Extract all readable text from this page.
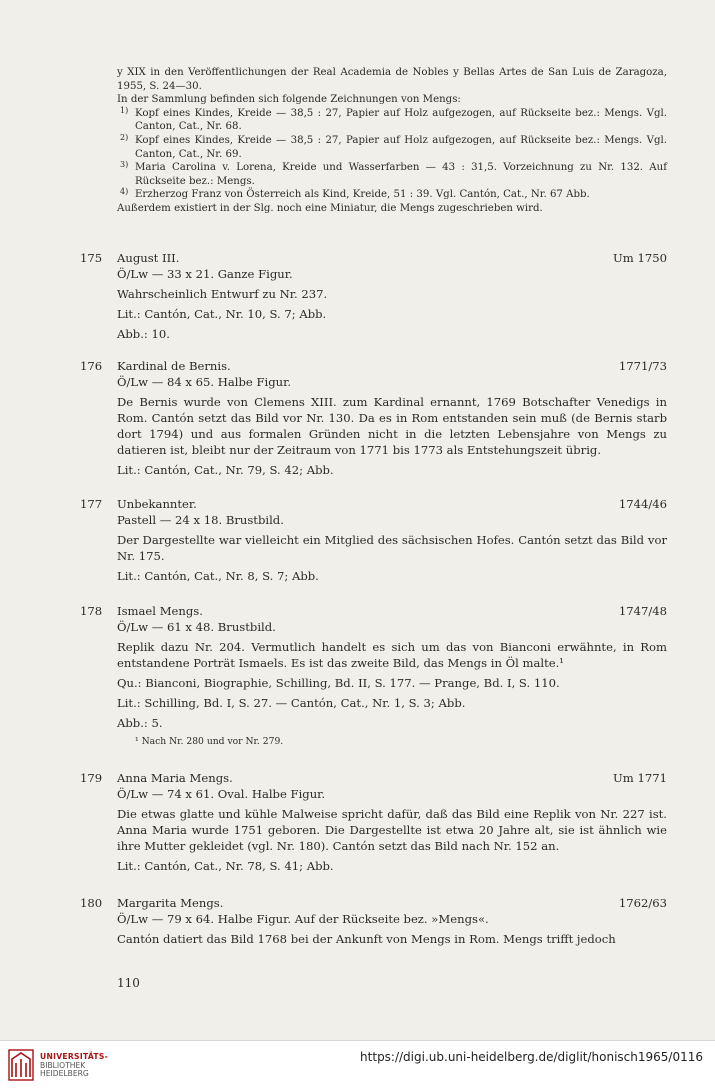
y XIX in den Veröffentlichungen der Real Academia de Nobles y Bellas Artes de San Luis de Zaragoza, 1955, S. 24—30.

In der Sammlung befinden sich folgende Zeichnungen von Mengs:

1) Kopf eines Kindes, Kreide — 38,5 : 27, Papier auf Holz aufgezogen, auf Rückseite bez.: Mengs. Vgl. Canton, Cat., Nr. 68.

2) Kopf eines Kindes, Kreide — 38,5 : 27, Papier auf Holz aufgezogen, auf Rückseite bez.: Mengs. Vgl. Canton, Cat., Nr. 69.

3) Maria Carolina v. Lorena, Kreide und Wasserfarben — 43 : 31,5. Vorzeichnung zu Nr. 132. Auf Rückseite bez.: Mengs.

4) Erzherzog Franz von Österreich als Kind, Kreide, 51 : 39. Vgl. Cantón, Cat., Nr. 67 Abb.

Außerdem existiert in der Slg. noch eine Miniatur, die Mengs zugeschrieben wird.

175	August III.	Um 1750

Ö/Lw — 33 x 21. Ganze Figur.

Wahrscheinlich Entwurf zu Nr. 237.

Lit.: Cantón, Cat., Nr. 10, S. 7; Abb.

Abb.: 10.

176	Kardinal de Bernis.	1771/73

Ö/Lw — 84 x 65. Halbe Figur.

De Bernis wurde von Clemens XIII. zum Kardinal ernannt, 1769 Botschafter Venedigs in Rom. Cantón setzt das Bild vor Nr. 130. Da es in Rom entstanden sein muß (de Bernis starb dort 1794) und aus formalen Gründen nicht in die letzten Lebensjahre von Mengs zu datieren ist, bleibt nur der Zeitraum von 1771 bis 1773 als Entstehungszeit übrig.

Lit.: Cantón, Cat., Nr. 79, S. 42; Abb.

177	Unbekannter.	1744/46

Pastell — 24 x 18. Brustbild.

Der Dargestellte war vielleicht ein Mitglied des sächsischen Hofes. Cantón setzt das Bild vor Nr. 175.

Lit.: Cantón, Cat., Nr. 8, S. 7; Abb.

178	Ismael Mengs.	1747/48

Ö/Lw — 61 x 48. Brustbild.

Replik dazu Nr. 204. Vermutlich handelt es sich um das von Bianconi erwähnte, in Rom entstandene Porträt Ismaels. Es ist das zweite Bild, das Mengs in Öl malte.¹

Qu.: Bianconi, Biographie, Schilling, Bd. II, S. 177. — Prange, Bd. I, S. 110.

Lit.: Schilling, Bd. I, S. 27. — Cantón, Cat., Nr. 1, S. 3; Abb.

Abb.: 5.

¹ Nach Nr. 280 und vor Nr. 279.

179	Anna Maria Mengs.	Um 1771

Ö/Lw — 74 x 61. Oval. Halbe Figur.

Die etwas glatte und kühle Malweise spricht dafür, daß das Bild eine Replik von Nr. 227 ist. Anna Maria wurde 1751 geboren. Die Dargestellte ist etwa 20 Jahre alt, sie ist ähnlich wie ihre Mutter gekleidet (vgl. Nr. 180). Cantón setzt das Bild nach Nr. 152 an.

Lit.: Cantón, Cat., Nr. 78, S. 41; Abb.

180	Margarita Mengs.	1762/63

Ö/Lw — 79 x 64. Halbe Figur. Auf der Rückseite bez. »Mengs«.

Cantón datiert das Bild 1768 bei der Ankunft von Mengs in Rom. Mengs trifft jedoch

110
UNIVERSITÄTS-
BIBLIOTHEK
HEIDELBERG
https://digi.ub.uni-heidelberg.de/diglit/honisch1965/0116
